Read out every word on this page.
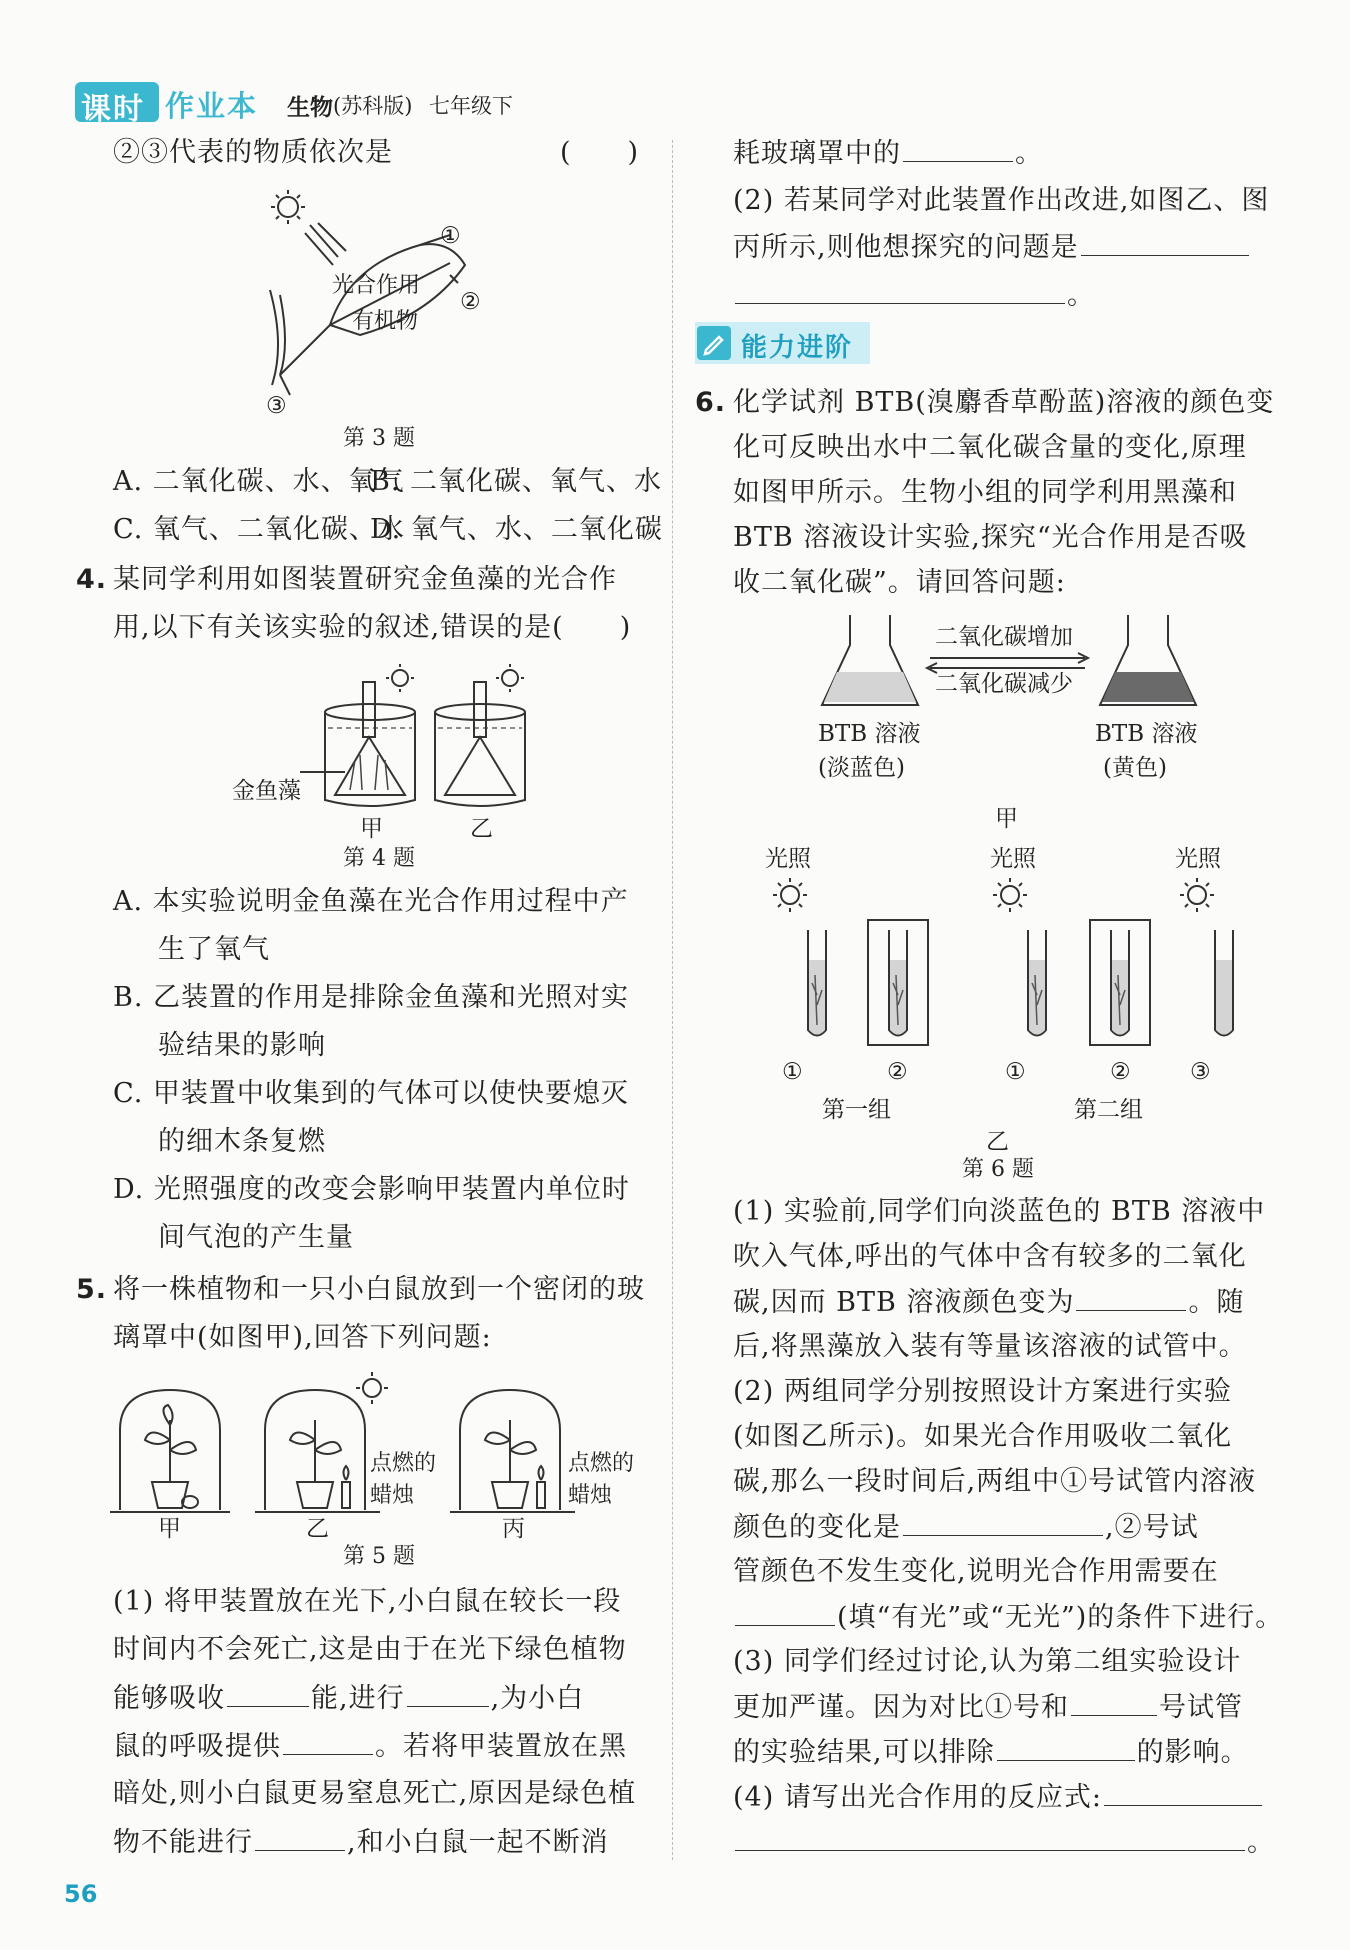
课时 作业本 生物 (苏科版) 七年级下
②③代表的物质依次是	(　　)
①
②
③
光合作用
有机物
第 3 题
A. 二氧化碳、水、氧气
B. 二氧化碳、氧气、水
C. 氧气、二氧化碳、水
D. 氧气、水、二氧化碳
4. 某同学利用如图装置研究金鱼藻的光合作
用,以下有关该实验的叙述,错误的是(　　)
金鱼藻
甲	乙
第 4 题
A. 本实验说明金鱼藻在光合作用过程中产
生了氧气
B. 乙装置的作用是排除金鱼藻和光照对实
验结果的影响
C. 甲装置中收集到的气体可以使快要熄灭
的细木条复燃
D. 光照强度的改变会影响甲装置内单位时
间气泡的产生量
5. 将一株植物和一只小白鼠放到一个密闭的玻
璃罩中(如图甲),回答下列问题:
点燃的
蜡烛
点燃的
蜡烛
甲	乙	丙
第 5 题
(1) 将甲装置放在光下,小白鼠在较长一段
时间内不会死亡,这是由于在光下绿色植物
能够吸收	能,进行	,为小白
鼠的呼吸提供	。若将甲装置放在黑
暗处,则小白鼠更易窒息死亡,原因是绿色植
物不能进行	,和小白鼠一起不断消
56
耗玻璃罩中的	。
(2) 若某同学对此装置作出改进,如图乙、图
丙所示,则他想探究的问题是
。
能力进阶
6. 化学试剂 BTB(溴麝香草酚蓝)溶液的颜色变
化可反映出水中二氧化碳含量的变化,原理
如图甲所示。生物小组的同学利用黑藻和
BTB 溶液设计实验,探究“光合作用是否吸
收二氧化碳”。请回答问题:
二氧化碳增加
二氧化碳减少
BTB 溶液
(淡蓝色)
BTB 溶液
(黄色)
甲
光照	光照	光照
①	②	①	②	③
第一组	第二组
乙
第 6 题
(1) 实验前,同学们向淡蓝色的 BTB 溶液中
吹入气体,呼出的气体中含有较多的二氧化
碳,因而 BTB 溶液颜色变为	。随
后,将黑藻放入装有等量该溶液的试管中。
(2) 两组同学分别按照设计方案进行实验
(如图乙所示)。如果光合作用吸收二氧化
碳,那么一段时间后,两组中①号试管内溶液
颜色的变化是	,②号试
管颜色不发生变化,说明光合作用需要在
(填“有光”或“无光”)的条件下进行。
(3) 同学们经过讨论,认为第二组实验设计
更加严谨。因为对比①号和	号试管
的实验结果,可以排除	的影响。
(4) 请写出光合作用的反应式:
。
